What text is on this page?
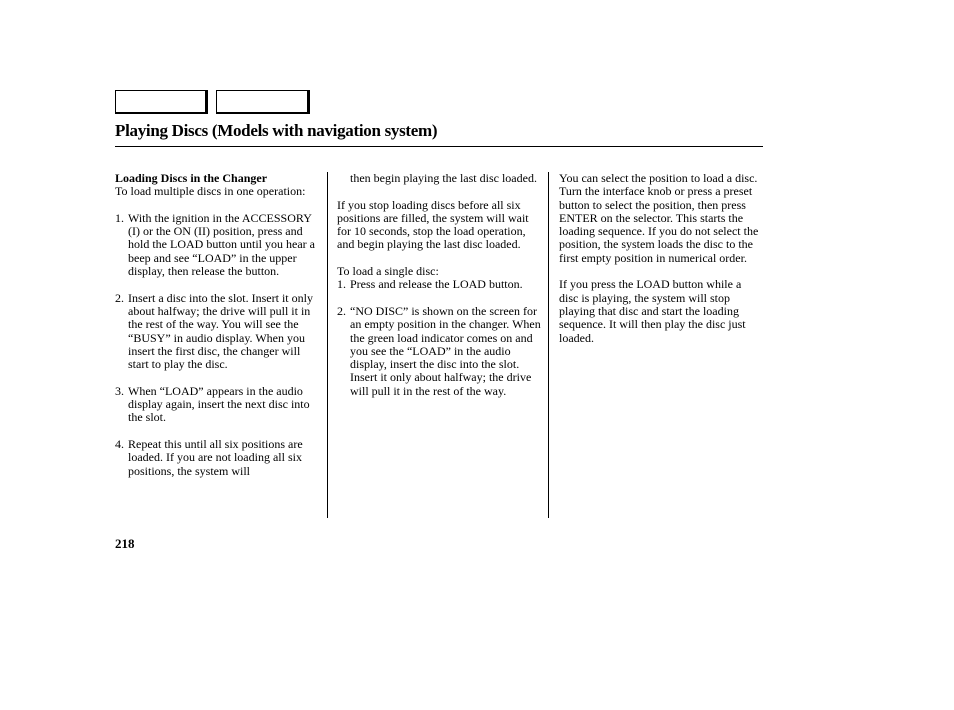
Playing Discs (Models with navigation system)
Loading Discs in the Changer
To load multiple discs in one operation:
1. With the ignition in the ACCESSORY (I) or the ON (II) position, press and hold the LOAD button until you hear a beep and see “LOAD” in the upper display, then release the button.
2. Insert a disc into the slot. Insert it only about halfway; the drive will pull it in the rest of the way. You will see the “BUSY” in audio display. When you insert the first disc, the changer will start to play the disc.
3. When “LOAD” appears in the audio display again, insert the next disc into the slot.
4. Repeat this until all six positions are loaded. If you are not loading all six positions, the system will
then begin playing the last disc loaded.
If you stop loading discs before all six positions are filled, the system will wait for 10 seconds, stop the load operation, and begin playing the last disc loaded.
To load a single disc:
1. Press and release the LOAD button.
2. “NO DISC” is shown on the screen for an empty position in the changer. When the green load indicator comes on and you see the “LOAD” in the audio display, insert the disc into the slot. Insert it only about halfway; the drive will pull it in the rest of the way.
You can select the position to load a disc. Turn the interface knob or press a preset button to select the position, then press ENTER on the selector. This starts the loading sequence. If you do not select the position, the system loads the disc to the first empty position in numerical order.
If you press the LOAD button while a disc is playing, the system will stop playing that disc and start the loading sequence. It will then play the disc just loaded.
218
